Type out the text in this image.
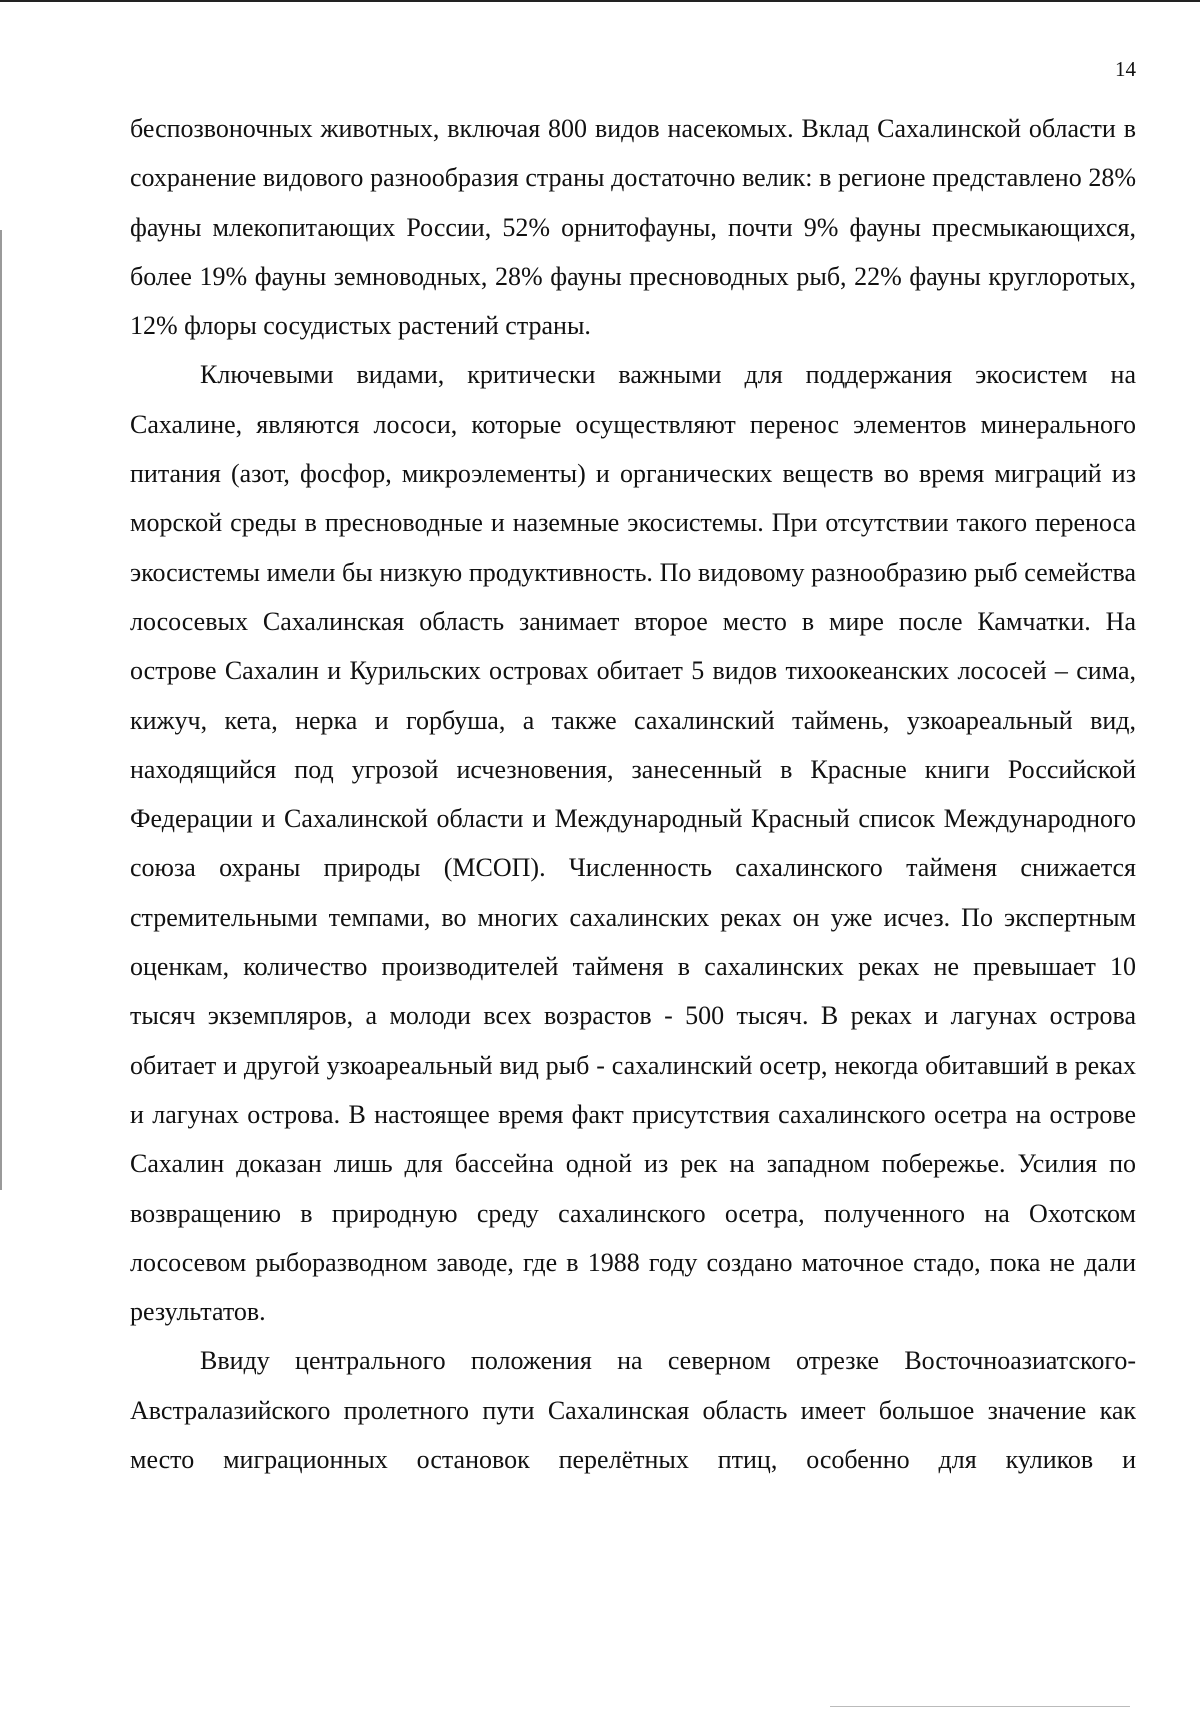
14

беспозвоночных животных, включая 800 видов насекомых. Вклад Сахалинской области в сохранение видового разнообразия страны достаточно велик: в регионе представлено 28% фауны млекопитающих России, 52% орнитофауны, почти 9% фауны пресмыкающихся, более 19% фауны земноводных, 28% фауны пресноводных рыб, 22% фауны круглоротых, 12% флоры сосудистых растений страны.

Ключевыми видами, критически важными для поддержания экосистем на Сахалине, являются лососи, которые осуществляют перенос элементов минерального питания (азот, фосфор, микроэлементы) и органических веществ во время миграций из морской среды в пресноводные и наземные экосистемы. При отсутствии такого переноса экосистемы имели бы низкую продуктивность. По видовому разнообразию рыб семейства лососевых Сахалинская область занимает второе место в мире после Камчатки. На острове Сахалин и Курильских островах обитает 5 видов тихоокеанских лососей – сима, кижуч, кета, нерка и горбуша, а также сахалинский таймень, узкоареальный вид, находящийся под угрозой исчезновения, занесенный в Красные книги Российской Федерации и Сахалинской области и Международный Красный список Международного союза охраны природы (МСОП). Численность сахалинского тайменя снижается стремительными темпами, во многих сахалинских реках он уже исчез. По экспертным оценкам, количество производителей тайменя в сахалинских реках не превышает 10 тысяч экземпляров, а молоди всех возрастов - 500 тысяч. В реках и лагунах острова обитает и другой узкоареальный вид рыб - сахалинский осетр, некогда обитавший в реках и лагунах острова. В настоящее время факт присутствия сахалинского осетра на острове Сахалин доказан лишь для бассейна одной из рек на западном побережье. Усилия по возвращению в природную среду сахалинского осетра, полученного на Охотском лососевом рыборазводном заводе, где в 1988 году создано маточное стадо, пока не дали результатов.

Ввиду центрального положения на северном отрезке Восточноазиатского-Австралазийского пролетного пути Сахалинская область имеет большое значение как место миграционных остановок перелётных птиц, особенно для куликов и
